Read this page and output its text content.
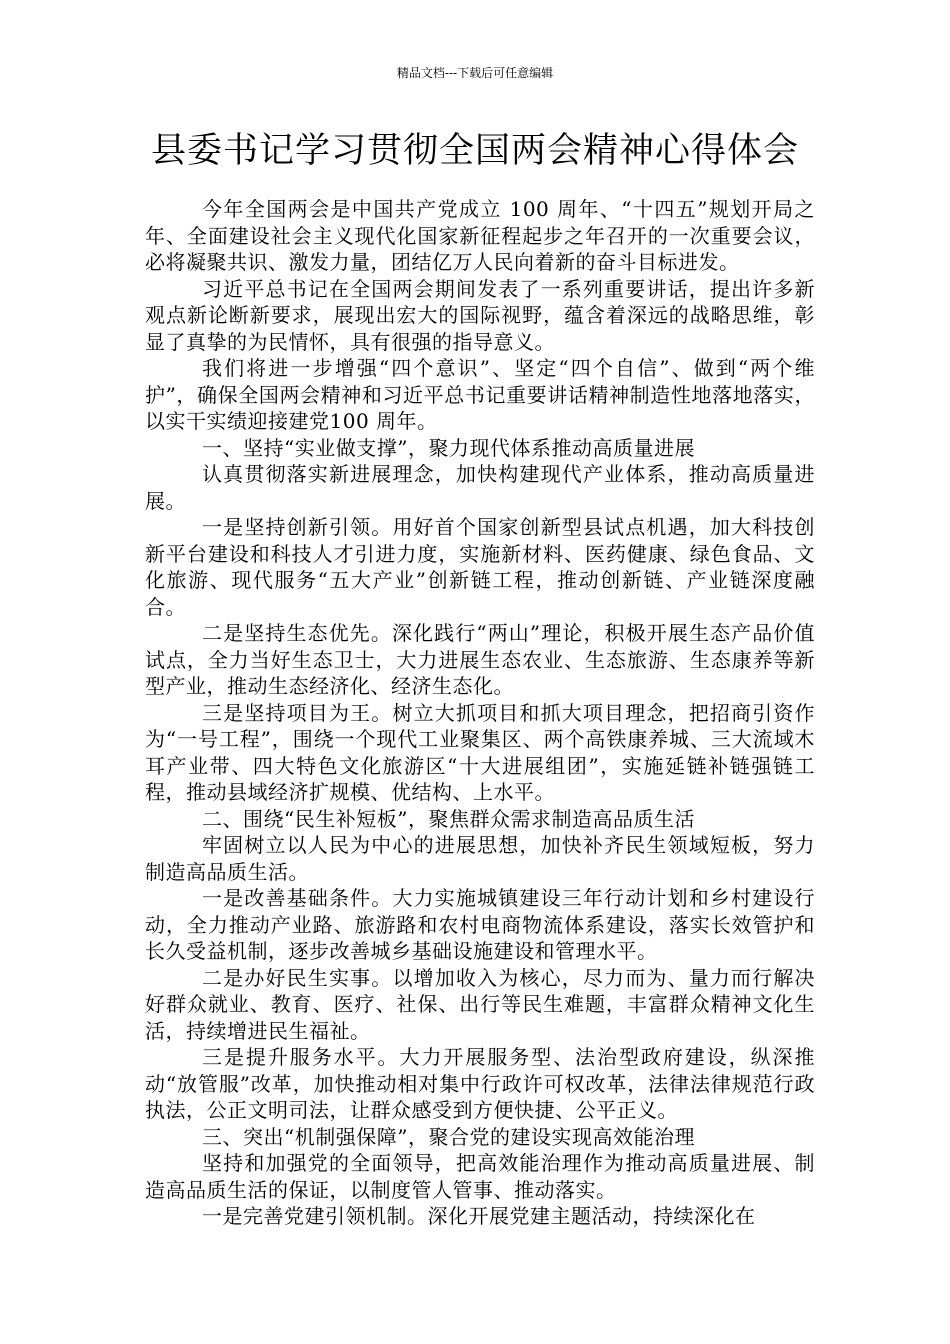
精品文档---下载后可任意编辑
县委书记学习贯彻全国两会精神心得体会

今年全国两会是中国共产党成立 100 周年、“十四五”规划开局之年、全面建设社会主义现代化国家新征程起步之年召开的一次重要会议，必将凝聚共识、激发力量，团结亿万人民向着新的奋斗目标进发。

习近平总书记在全国两会期间发表了一系列重要讲话，提出许多新观点新论断新要求，展现出宏大的国际视野，蕴含着深远的战略思维，彰显了真挚的为民情怀，具有很强的指导意义。

我们将进一步增强“四个意识”、坚定“四个自信”、做到“两个维护”，确保全国两会精神和习近平总书记重要讲话精神制造性地落地落实，以实干实绩迎接建党100 周年。

一、坚持“实业做支撑”，聚力现代体系推动高质量进展

认真贯彻落实新进展理念，加快构建现代产业体系，推动高质量进展。

一是坚持创新引领。用好首个国家创新型县试点机遇，加大科技创新平台建设和科技人才引进力度，实施新材料、医药健康、绿色食品、文化旅游、现代服务“五大产业”创新链工程，推动创新链、产业链深度融合。

二是坚持生态优先。深化践行“两山”理论，积极开展生态产品价值试点，全力当好生态卫士，大力进展生态农业、生态旅游、生态康养等新型产业，推动生态经济化、经济生态化。

三是坚持项目为王。树立大抓项目和抓大项目理念，把招商引资作为“一号工程”，围绕一个现代工业聚集区、两个高铁康养城、三大流域木耳产业带、四大特色文化旅游区“十大进展组团”，实施延链补链强链工程，推动县域经济扩规模、优结构、上水平。

二、围绕“民生补短板”，聚焦群众需求制造高品质生活

牢固树立以人民为中心的进展思想，加快补齐民生领域短板，努力制造高品质生活。

一是改善基础条件。大力实施城镇建设三年行动计划和乡村建设行动，全力推动产业路、旅游路和农村电商物流体系建设，落实长效管护和长久受益机制，逐步改善城乡基础设施建设和管理水平。

二是办好民生实事。以增加收入为核心，尽力而为、量力而行解决好群众就业、教育、医疗、社保、出行等民生难题，丰富群众精神文化生活，持续增进民生福祉。

三是提升服务水平。大力开展服务型、法治型政府建设，纵深推动“放管服”改革，加快推动相对集中行政许可权改革，法律法律规范行政执法，公正文明司法，让群众感受到方便快捷、公平正义。

三、突出“机制强保障”，聚合党的建设实现高效能治理

坚持和加强党的全面领导，把高效能治理作为推动高质量进展、制造高品质生活的保证，以制度管人管事、推动落实。

一是完善党建引领机制。深化开展党建主题活动，持续深化在
